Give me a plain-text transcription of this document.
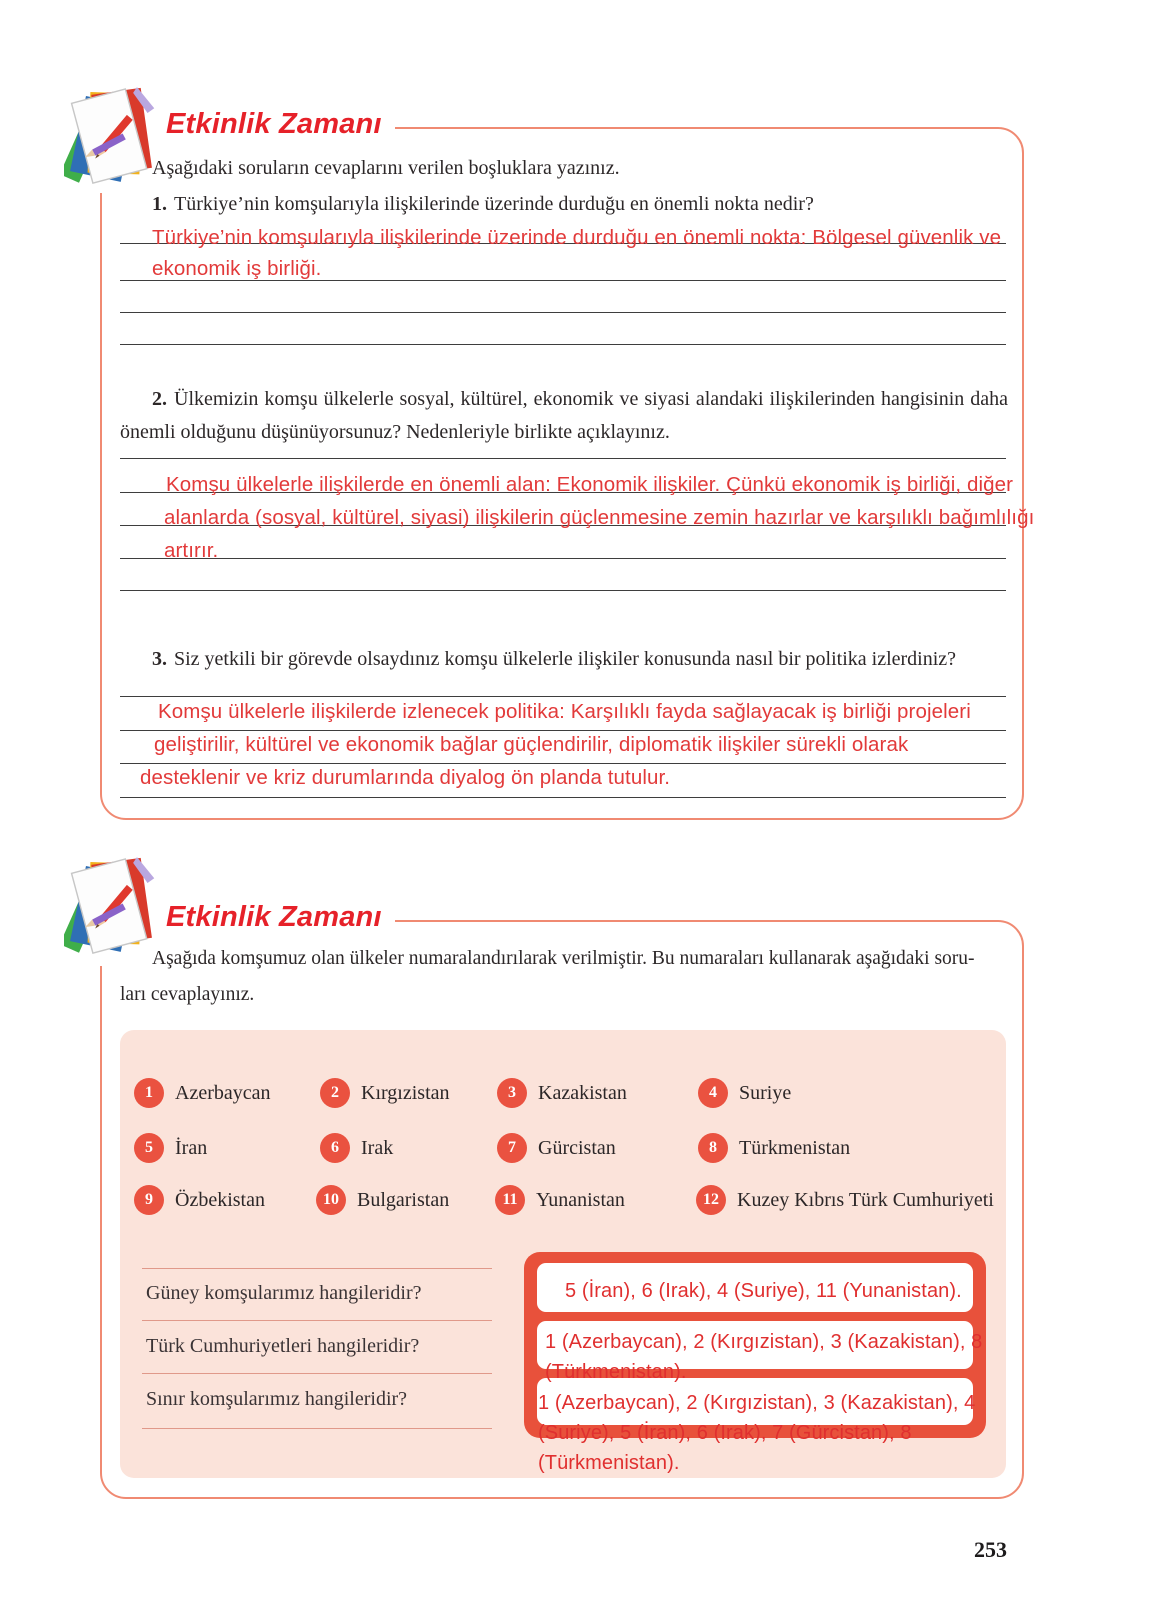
Etkinlik Zamanı
Aşağıdaki soruların cevaplarını verilen boşluklara yazınız.
1. Türkiye’nin komşularıyla ilişkilerinde üzerinde durduğu en önemli nokta nedir?
Türkiye’nin komşularıyla ilişkilerinde üzerinde durduğu en önemli nokta: Bölgesel güvenlik ve
ekonomik iş birliği.
2. Ülkemizin komşu ülkelerle sosyal, kültürel, ekonomik ve siyasi alandaki ilişkilerinden hangisinin daha önemli olduğunu düşünüyorsunuz? Nedenleriyle birlikte açıklayınız.
Komşu ülkelerle ilişkilerde en önemli alan: Ekonomik ilişkiler. Çünkü ekonomik iş birliği, diğer
alanlarda (sosyal, kültürel, siyasi) ilişkilerin güçlenmesine zemin hazırlar ve karşılıklı bağımlılığı
artırır.
3. Siz yetkili bir görevde olsaydınız komşu ülkelerle ilişkiler konusunda nasıl bir politika izlerdiniz?
Komşu ülkelerle ilişkilerde izlenecek politika: Karşılıklı fayda sağlayacak iş birliği projeleri
geliştirilir, kültürel ve ekonomik bağlar güçlendirilir, diplomatik ilişkiler sürekli olarak
desteklenir ve kriz durumlarında diyalog ön planda tutulur.
Etkinlik Zamanı
Aşağıda komşumuz olan ülkeler numaralandırılarak verilmiştir. Bu numaraları kullanarak aşağıdaki soru-
ları cevaplayınız.
1	Azerbaycan	2	Kırgızistan	3	Kazakistan	4	Suriye
5	İran	6	Irak	7	Gürcistan	8	Türkmenistan
9	Özbekistan	10 Bulgaristan	11 Yunanistan	12 Kuzey Kıbrıs Türk Cumhuriyeti
Güney komşularımız hangileridir?
Türk Cumhuriyetleri hangileridir?
Sınır komşularımız hangileridir?
5 (İran), 6 (Irak), 4 (Suriye), 11 (Yunanistan).
1 (Azerbaycan), 2 (Kırgızistan), 3 (Kazakistan), 8 (Türkmenistan).
1 (Azerbaycan), 2 (Kırgızistan), 3 (Kazakistan), 4 (Suriye), 5 (İran), 6 (Irak), 7 (Gürcistan), 8 (Türkmenistan).
253
